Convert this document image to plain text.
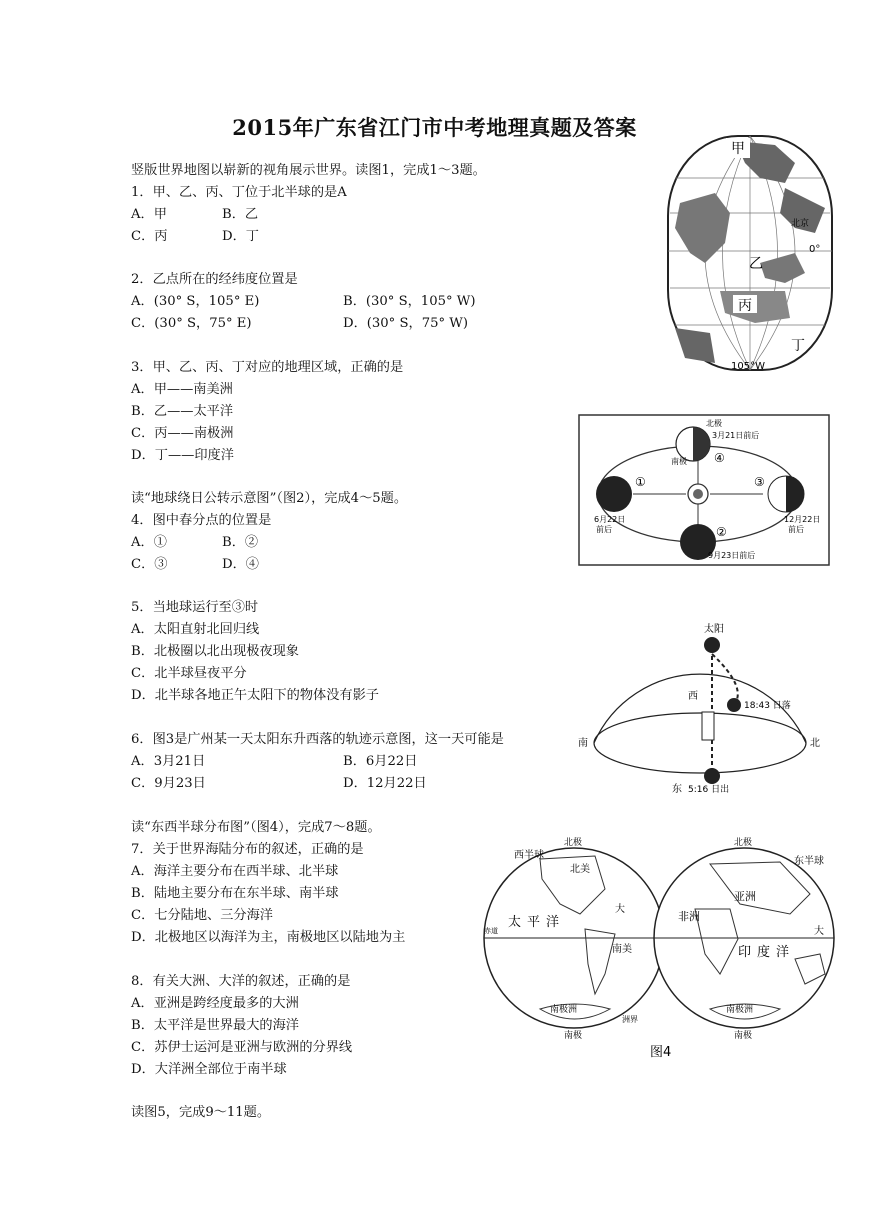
2015年广东省江门市中考地理真题及答案
竖版世界地图以崭新的视角展示世界。读图1，完成1～3题。
1．甲、乙、丙、丁位于北半球的是A
A．甲	B．乙
C．丙	D．丁
2．乙点所在的经纬度位置是
A．(30° S，105° E)	B．(30° S，105° W)
C．(30° S，75° E)	D．(30° S，75° W)
3．甲、乙、丙、丁对应的地理区域，正确的是
A．甲——南美洲
B．乙——太平洋
C．丙——南极洲
D．丁——印度洋
读“地球绕日公转示意图”（图2），完成4～5题。
4．图中春分点的位置是
A．①	B．②
C．③	D．④
5．当地球运行至③时
A．太阳直射北回归线
B．北极圈以北出现极夜现象
C．北半球昼夜平分
D．北半球各地正午太阳下的物体没有影子
6．图3是广州某一天太阳东升西落的轨迹示意图，这一天可能是
A．3月21日	B．6月22日
C．9月23日	D．12月22日
读“东西半球分布图”（图4），完成7～8题。
7．关于世界海陆分布的叙述，正确的是
A．海洋主要分布在西半球、北半球
B．陆地主要分布在东半球、南半球
C．七分陆地、三分海洋
D．北极地区以海洋为主，南极地区以陆地为主
8．有关大洲、大洋的叙述，正确的是
A．亚洲是跨经度最多的大洲
B．太平洋是世界最大的海洋
C．苏伊士运河是亚洲与欧洲的分界线
D．大洋洲全部位于南半球
读图5，完成9～11题。
甲
乙
丙
丁
北京
0°
105°W
北极
南极
3月21日前后
6月22日
前后
12月22日
前后
9月23日前后
①
②
③
④
太阳
西
南	北
东
18:43 日落
5:16 日出
西半球
东半球
北极	北极
南极	南极
太平洋
北美
大
南美
非洲
亚洲
大
印度洋
南极洲	南极洲
赤道
洲界
图4
